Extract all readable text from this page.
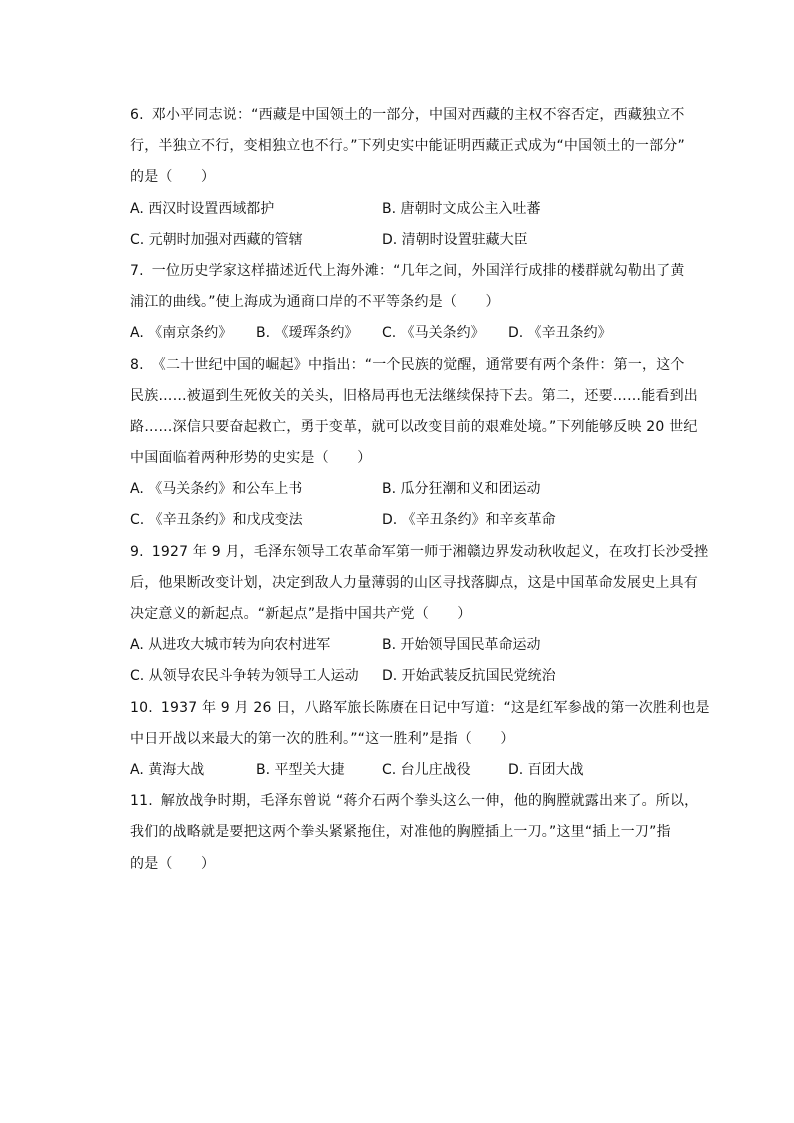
6. 邓小平同志说：“西藏是中国领土的一部分，中国对西藏的主权不容否定，西藏独立不
行，半独立不行，变相独立也不行。”下列史实中能证明西藏正式成为“中国领土的一部分”
的是（　　）
A. 西汉时设置西域都护	B. 唐朝时文成公主入吐蕃
C. 元朝时加强对西藏的管辖	D. 清朝时设置驻藏大臣
7. 一位历史学家这样描述近代上海外滩：“几年之间，外国洋行成排的楼群就勾勒出了黄
浦江的曲线。”使上海成为通商口岸的不平等条约是（　　）
A. 《南京条约》	B. 《瑷珲条约》	C. 《马关条约》	D. 《辛丑条约》
8. 《二十世纪中国的崛起》中指出：“一个民族的觉醒，通常要有两个条件：第一，这个
民族……被逼到生死攸关的关头，旧格局再也无法继续保持下去。第二，还要……能看到出
路……深信只要奋起救亡，勇于变革，就可以改变目前的艰难处境。”下列能够反映 20 世纪
中国面临着两种形势的史实是（　　）
A. 《马关条约》和公车上书	B. 瓜分狂潮和义和团运动
C. 《辛丑条约》和戊戌变法	D. 《辛丑条约》和辛亥革命
9. 1927 年 9 月，毛泽东领导工农革命军第一师于湘赣边界发动秋收起义，在攻打长沙受挫
后，他果断改变计划，决定到敌人力量薄弱的山区寻找落脚点，这是中国革命发展史上具有
决定意义的新起点。“新起点”是指中国共产党（　　）
A. 从进攻大城市转为向农村进军	B. 开始领导国民革命运动
C. 从领导农民斗争转为领导工人运动	D. 开始武装反抗国民党统治
10. 1937 年 9 月 26 日，八路军旅长陈赓在日记中写道：“这是红军参战的第一次胜利也是
中日开战以来最大的第一次的胜利。”“这一胜利”是指（　　）
A. 黄海大战	B. 平型关大捷	C. 台儿庄战役	D. 百团大战
11. 解放战争时期，毛泽东曾说 “蒋介石两个拳头这么一伸，他的胸膛就露出来了。所以，
我们的战略就是要把这两个拳头紧紧拖住，对准他的胸膛插上一刀。”这里“插上一刀”指
的是（　　）
